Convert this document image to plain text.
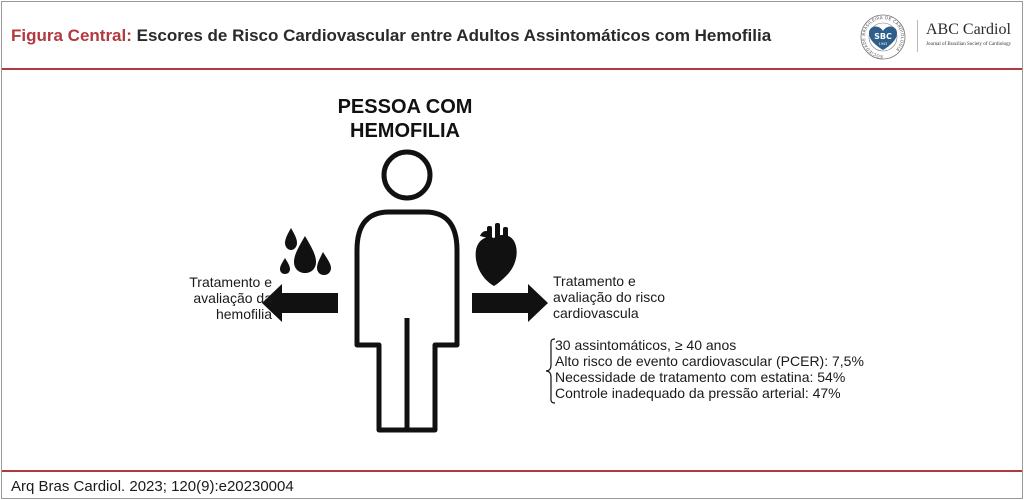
Figura Central: Escores de Risco Cardiovascular entre Adultos Assintomáticos com Hemofilia
SOCIEDADE BRASILEIRA DE CARDIOLOGIA
SBC
1943
ABC Cardiol
Journal of Brazilian Society of Cardiology
PESSOA COM
HEMOFILIA
Tratamento e
avaliação da
hemofilia
Tratamento e
avaliação do risco
cardiovascula
30 assintomáticos, ≥ 40 anos
Alto risco de evento cardiovascular (PCER): 7,5%
Necessidade de tratamento com estatina: 54%
Controle inadequado da pressão arterial: 47%
Arq Bras Cardiol. 2023; 120(9):e20230004
